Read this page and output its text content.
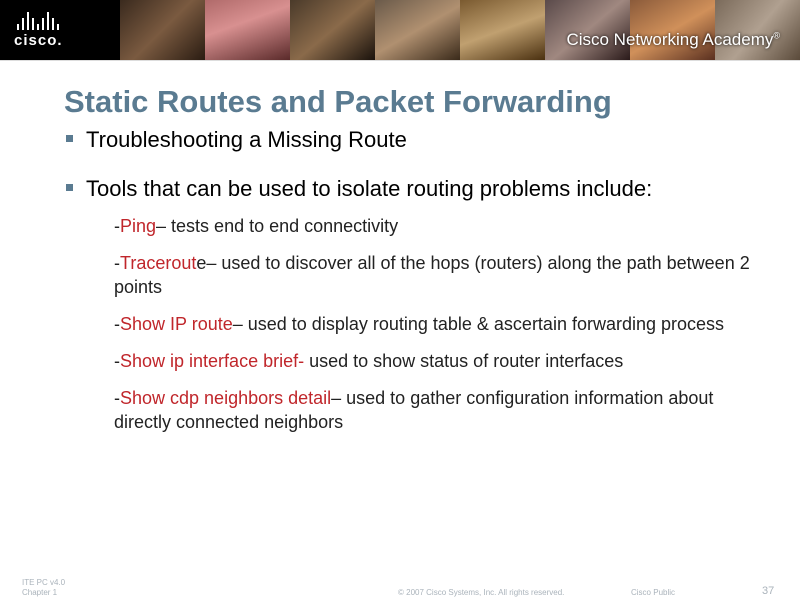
cisco.	Cisco Networking Academy®
Static Routes and Packet Forwarding
Troubleshooting a Missing Route
Tools that can be used to isolate routing problems include:
-Ping– tests end to end connectivity
-Traceroute– used to discover all of the hops (routers) along the path between 2 points
-Show IP route– used to display routing table & ascertain forwarding process
-Show ip interface brief- used to show status of router interfaces
-Show cdp neighbors detail– used to gather configuration information about directly connected neighbors
ITE PC v4.0
Chapter 1	© 2007 Cisco Systems, Inc. All rights reserved.	Cisco Public	37
